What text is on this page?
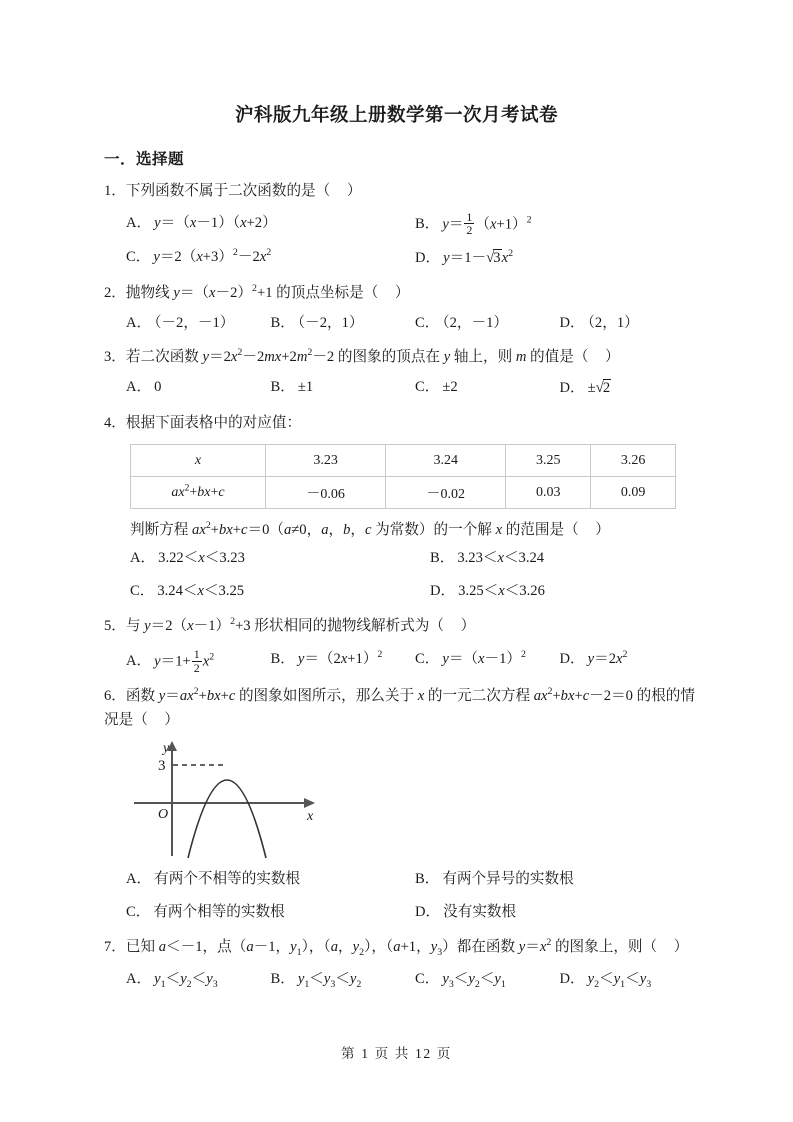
沪科版九年级上册数学第一次月考试卷
一．选择题
1．下列函数不属于二次函数的是（ ）
A． y＝（x－1）（x+2）	B． $y= \frac{1}{2} (x+1)^2$
C． $y=2(x+3)^2-2x^2$	D． $y=1-√3x^2$
2．抛物线 $y=(x-2)^2+1$ 的顶点坐标是（ ）
A． （－2，－1）	B． （－2，1）	C． （2，－1）	D． （2，1）
3．若二次函数 $y=2x^2-2mx+2m^2-2$ 的图象的顶点在 y 轴上，则 m 的值是（ ）
A． 0	B． ±1	C． ±2	D． ±√2
4．根据下面表格中的对应值：
x	3.23	3.24	3.25	3.26
$ax^2+bx+c$	－0.06	－0.02	0.03	0.09
判断方程 $ax^2+bx+c=0(a\ne 0$，a，b，c 为常数）的一个解 x 的范围是（ ）
A． 3.22＜x＜3.23	B． 3.23＜x＜3.24
C． 3.24＜x＜3.25	D． 3.25＜x＜3.26
5．与 $y=2(x-1)^2+3$ 形状相同的抛物线解析式为（ ）
A． $y=1+ \frac{1}{2} x^2$	B． $y=(2x+1)^2$	C． $y=(x-1)^2$	D． $y=2x^2$
6．函数 $y=ax^2+bx+c$ 的图象如图所示，那么关于 x 的一元二次方程 $ax^2+bx+c-2=0$ 的根的情况是（ ）
3
O
y
x
A． 有两个不相等的实数根	B． 有两个异号的实数根
C． 有两个相等的实数根	D． 没有实数根
7．已知 a＜－1，点（a－1，$y_1$），（a，$y_2$），（a+1，$y_3$）都在函数 $y=x^2$ 的图象上，则（ ）
A． $y_1<y_2<y_3$	B． $y_1<y_3<y_2$	C． $y_3<y_2<y_1$	D． $y_2<y_1<y_3$
第 1 页 共 12 页
